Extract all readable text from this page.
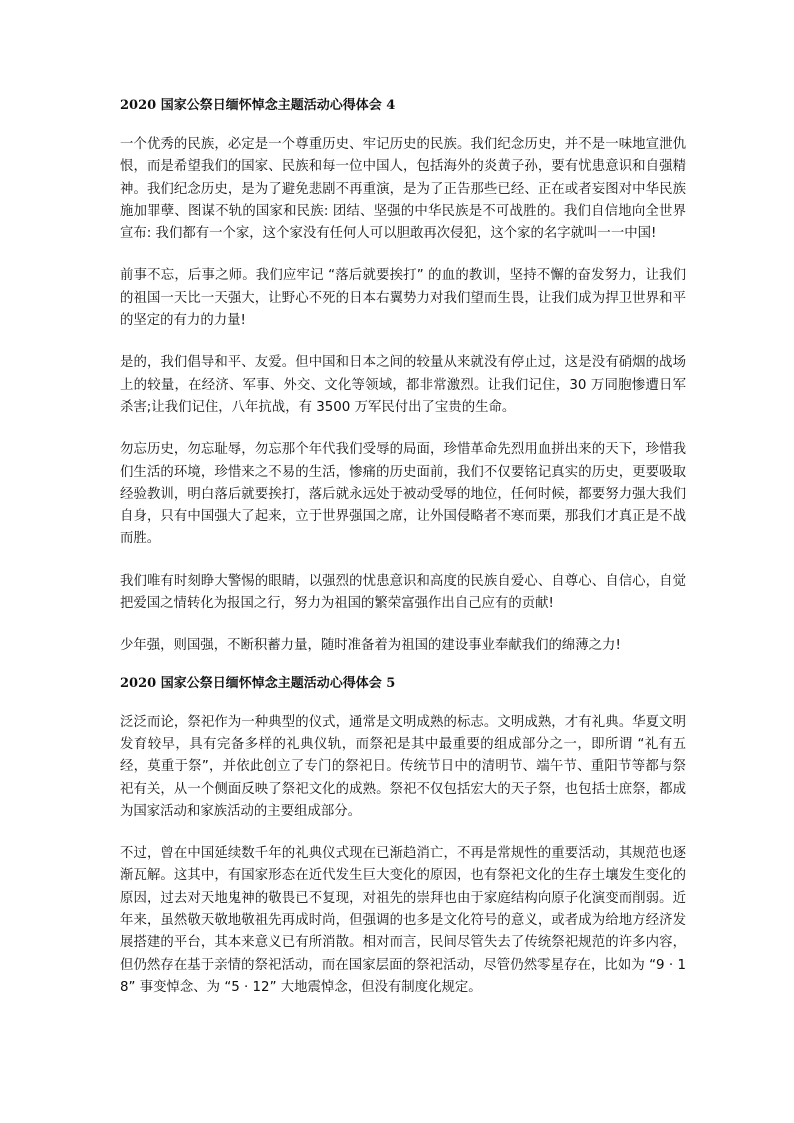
2020 国家公祭日缅怀悼念主题活动心得体会 4

一个优秀的民族，必定是一个尊重历史、牢记历史的民族。我们纪念历史，并不是一味地宣泄仇恨，而是希望我们的国家、民族和每一位中国人，包括海外的炎黄子孙，要有忧患意识和自强精神。我们纪念历史，是为了避免悲剧不再重演，是为了正告那些已经、正在或者妄图对中华民族施加罪孽、图谋不轨的国家和民族: 团结、坚强的中华民族是不可战胜的。我们自信地向全世界宣布: 我们都有一个家，这个家没有任何人可以胆敢再次侵犯，这个家的名字就叫一一中国!

前事不忘，后事之师。我们应牢记 “落后就要挨打” 的血的教训，坚持不懈的奋发努力，让我们的祖国一天比一天强大，让野心不死的日本右翼势力对我们望而生畏，让我们成为捍卫世界和平的坚定的有力的力量!

是的，我们倡导和平、友爱。但中国和日本之间的较量从来就没有停止过，这是没有硝烟的战场上的较量，在经济、军事、外交、文化等领域，都非常激烈。让我们记住，30 万同胞惨遭日军杀害;让我们记住，八年抗战，有 3500 万军民付出了宝贵的生命。

勿忘历史，勿忘耻辱，勿忘那个年代我们受辱的局面，珍惜革命先烈用血拼出来的天下，珍惜我们生活的环境，珍惜来之不易的生活，惨痛的历史面前，我们不仅要铭记真实的历史，更要吸取经验教训，明白落后就要挨打，落后就永远处于被动受辱的地位，任何时候，都要努力强大我们自身，只有中国强大了起来，立于世界强国之席，让外国侵略者不寒而栗，那我们才真正是不战而胜。

我们唯有时刻睁大警惕的眼睛，以强烈的忧患意识和高度的民族自爱心、自尊心、自信心，自觉把爱国之情转化为报国之行，努力为祖国的繁荣富强作出自己应有的贡献!

少年强，则国强，不断积蓄力量，随时准备着为祖国的建设事业奉献我们的绵薄之力!

2020 国家公祭日缅怀悼念主题活动心得体会 5

泛泛而论，祭祀作为一种典型的仪式，通常是文明成熟的标志。文明成熟，才有礼典。华夏文明发育较早，具有完备多样的礼典仪轨，而祭祀是其中最重要的组成部分之一，即所谓 “礼有五经，莫重于祭”，并依此创立了专门的祭祀日。传统节日中的清明节、端午节、重阳节等都与祭祀有关，从一个侧面反映了祭祀文化的成熟。祭祀不仅包括宏大的天子祭，也包括士庶祭，都成为国家活动和家族活动的主要组成部分。

不过，曾在中国延续数千年的礼典仪式现在已渐趋消亡，不再是常规性的重要活动，其规范也逐渐瓦解。这其中，有国家形态在近代发生巨大变化的原因，也有祭祀文化的生存土壤发生变化的原因，过去对天地鬼神的敬畏已不复现，对祖先的崇拜也由于家庭结构向原子化演变而削弱。近年来，虽然敬天敬地敬祖先再成时尚，但强调的也多是文化符号的意义，或者成为给地方经济发展搭建的平台，其本来意义已有所消散。相对而言，民间尽管失去了传统祭祀规范的许多内容，但仍然存在基于亲情的祭祀活动，而在国家层面的祭祀活动，尽管仍然零星存在，比如为 “9 · 18” 事变悼念、为 “5 · 12” 大地震悼念，但没有制度化规定。
